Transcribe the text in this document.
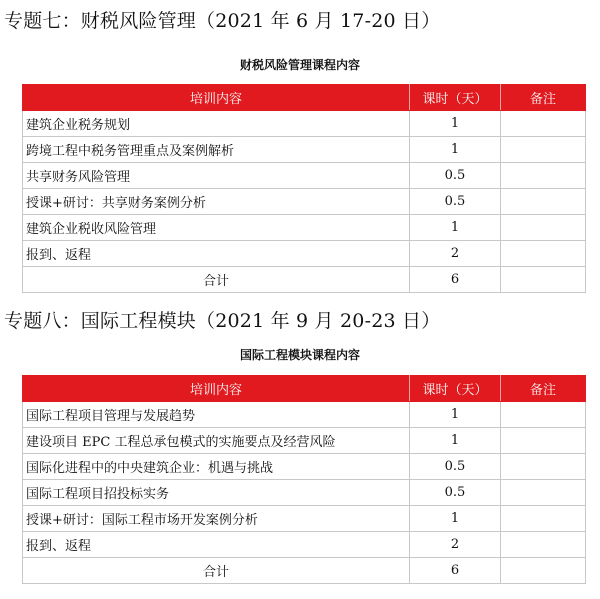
专题七：财税风险管理（2021 年 6 月 17-20 日）
财税风险管理课程内容
培训内容	课时（天）	备注
建筑企业税务规划	1	
跨境工程中税务管理重点及案例解析	1	
共享财务风险管理	0.5	
授课+研讨：共享财务案例分析	0.5	
建筑企业税收风险管理	1	
报到、返程	2	
合计	6	
专题八：国际工程模块（2021 年 9 月 20-23 日）
国际工程模块课程内容
培训内容	课时（天）	备注
国际工程项目管理与发展趋势	1	
建设项目 EPC 工程总承包模式的实施要点及经营风险	1	
国际化进程中的中央建筑企业：机遇与挑战	0.5	
国际工程项目招投标实务	0.5	
授课+研讨：国际工程市场开发案例分析	1	
报到、返程	2	
合计	6	
